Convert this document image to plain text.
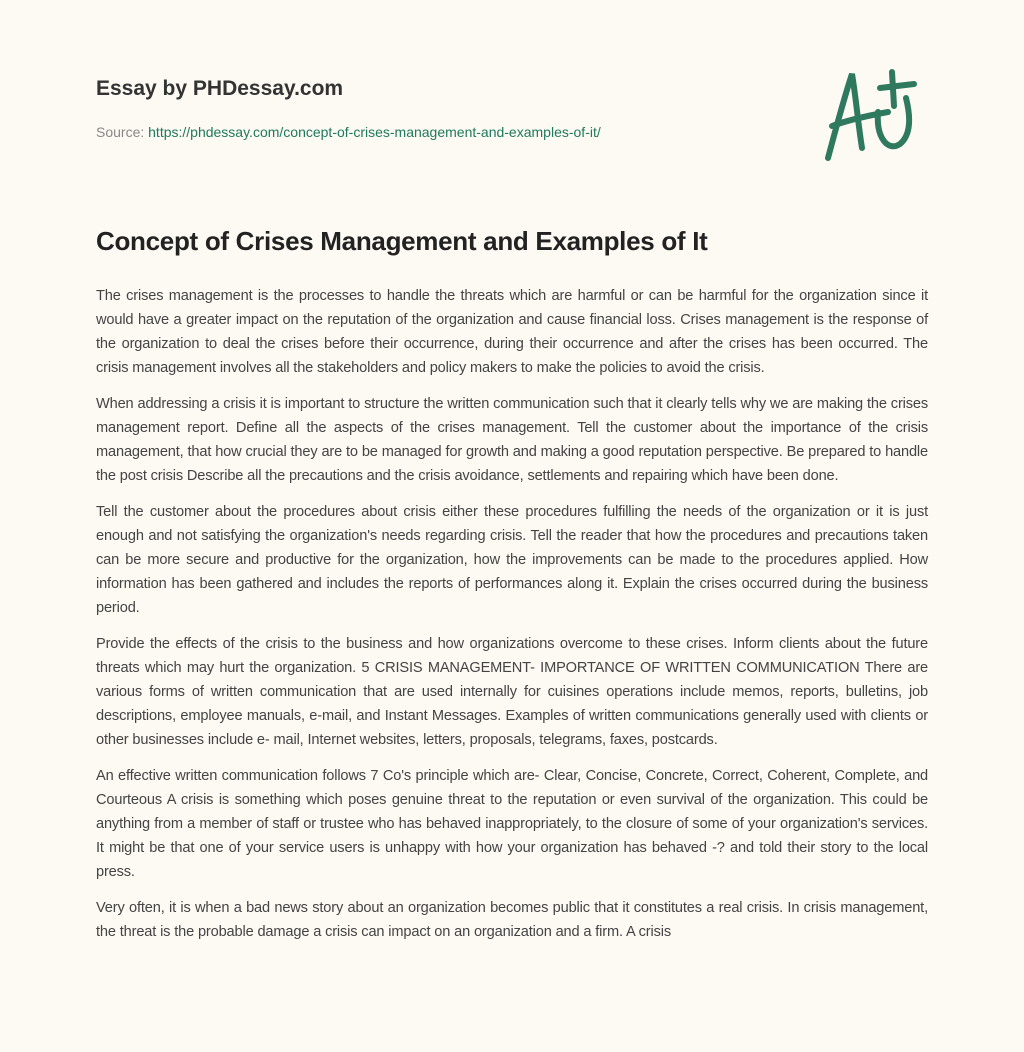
Essay by PHDessay.com

Source: https://phdessay.com/concept-of-crises-management-and-examples-of-it/
Concept of Crises Management and Examples of It

The crises management is the processes to handle the threats which are harmful or can be harmful for the organization since it would have a greater impact on the reputation of the organization and cause financial loss. Crises management is the response of the organization to deal the crises before their occurrence, during their occurrence and after the crises has been occurred. The crisis management involves all the stakeholders and policy makers to make the policies to avoid the crisis.

When addressing a crisis it is important to structure the written communication such that it clearly tells why we are making the crises management report. Define all the aspects of the crises management. Tell the customer about the importance of the crisis management, that how crucial they are to be managed for growth and making a good reputation perspective. Be prepared to handle the post crisis Describe all the precautions and the crisis avoidance, settlements and repairing which have been done.

Tell the customer about the procedures about crisis either these procedures fulfilling the needs of the organization or it is just enough and not satisfying the organization's needs regarding crisis. Tell the reader that how the procedures and precautions taken can be more secure and productive for the organization, how the improvements can be made to the procedures applied. How information has been gathered and includes the reports of performances along it. Explain the crises occurred during the business period.

Provide the effects of the crisis to the business and how organizations overcome to these crises. Inform clients about the future threats which may hurt the organization. 5 CRISIS MANAGEMENT- IMPORTANCE OF WRITTEN COMMUNICATION There are various forms of written communication that are used internally for cuisines operations include memos, reports, bulletins, job descriptions, employee manuals, e-mail, and Instant Messages. Examples of written communications generally used with clients or other businesses include e- mail, Internet websites, letters, proposals, telegrams, faxes, postcards.

An effective written communication follows 7 Co's principle which are- Clear, Concise, Concrete, Correct, Coherent, Complete, and Courteous A crisis is something which poses genuine threat to the reputation or even survival of the organization. This could be anything from a member of staff or trustee who has behaved inappropriately, to the closure of some of your organization's services. It might be that one of your service users is unhappy with how your organization has behaved -? and told their story to the local press.

Very often, it is when a bad news story about an organization becomes public that it constitutes a real crisis. In crisis management, the threat is the probable damage a crisis can impact on an organization and a firm. A crisis
